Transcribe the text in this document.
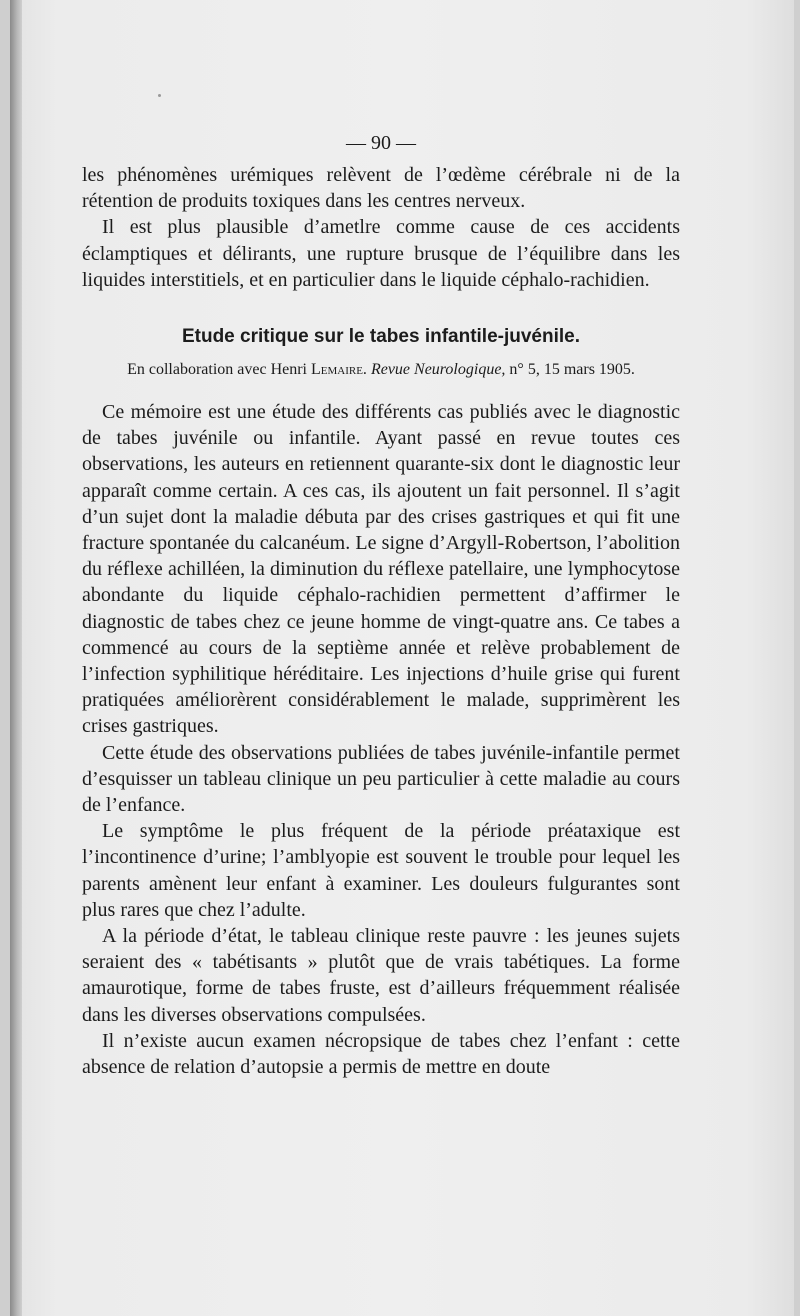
— 90 —

les phénomènes urémiques relèvent de l’œdème cérébrale ni de la rétention de produits toxiques dans les centres nerveux.

Il est plus plausible d’ametlre comme cause de ces accidents éclamptiques et délirants, une rupture brusque de l’équilibre dans les liquides interstitiels, et en particulier dans le liquide céphalo-rachidien.

Etude critique sur le tabes infantile-juvénile.
En collaboration avec Henri Lemaire. Revue Neurologique, n° 5, 15 mars 1905.

Ce mémoire est une étude des différents cas publiés avec le diagnostic de tabes juvénile ou infantile. Ayant passé en revue toutes ces observations, les auteurs en retiennent quarante-six dont le diagnostic leur apparaît comme certain. A ces cas, ils ajoutent un fait personnel. Il s’agit d’un sujet dont la maladie débuta par des crises gastriques et qui fit une fracture spontanée du calcanéum. Le signe d’Argyll-Robertson, l’abolition du réflexe achilléen, la diminution du réflexe patellaire, une lymphocytose abondante du liquide céphalo-rachidien permettent d’affirmer le diagnostic de tabes chez ce jeune homme de vingt-quatre ans. Ce tabes a commencé au cours de la septième année et relève probablement de l’infection syphilitique héréditaire. Les injections d’huile grise qui furent pratiquées améliorèrent considérablement le malade, supprimèrent les crises gastriques.

Cette étude des observations publiées de tabes juvénile-infantile permet d’esquisser un tableau clinique un peu particulier à cette maladie au cours de l’enfance.

Le symptôme le plus fréquent de la période préataxique est l’incontinence d’urine; l’amblyopie est souvent le trouble pour lequel les parents amènent leur enfant à examiner. Les douleurs fulgurantes sont plus rares que chez l’adulte.

A la période d’état, le tableau clinique reste pauvre : les jeunes sujets seraient des « tabétisants » plutôt que de vrais tabétiques. La forme amaurotique, forme de tabes fruste, est d’ailleurs fréquemment réalisée dans les diverses observations compulsées.

Il n’existe aucun examen nécropsique de tabes chez l’enfant : cette absence de relation d’autopsie a permis de mettre en doute
